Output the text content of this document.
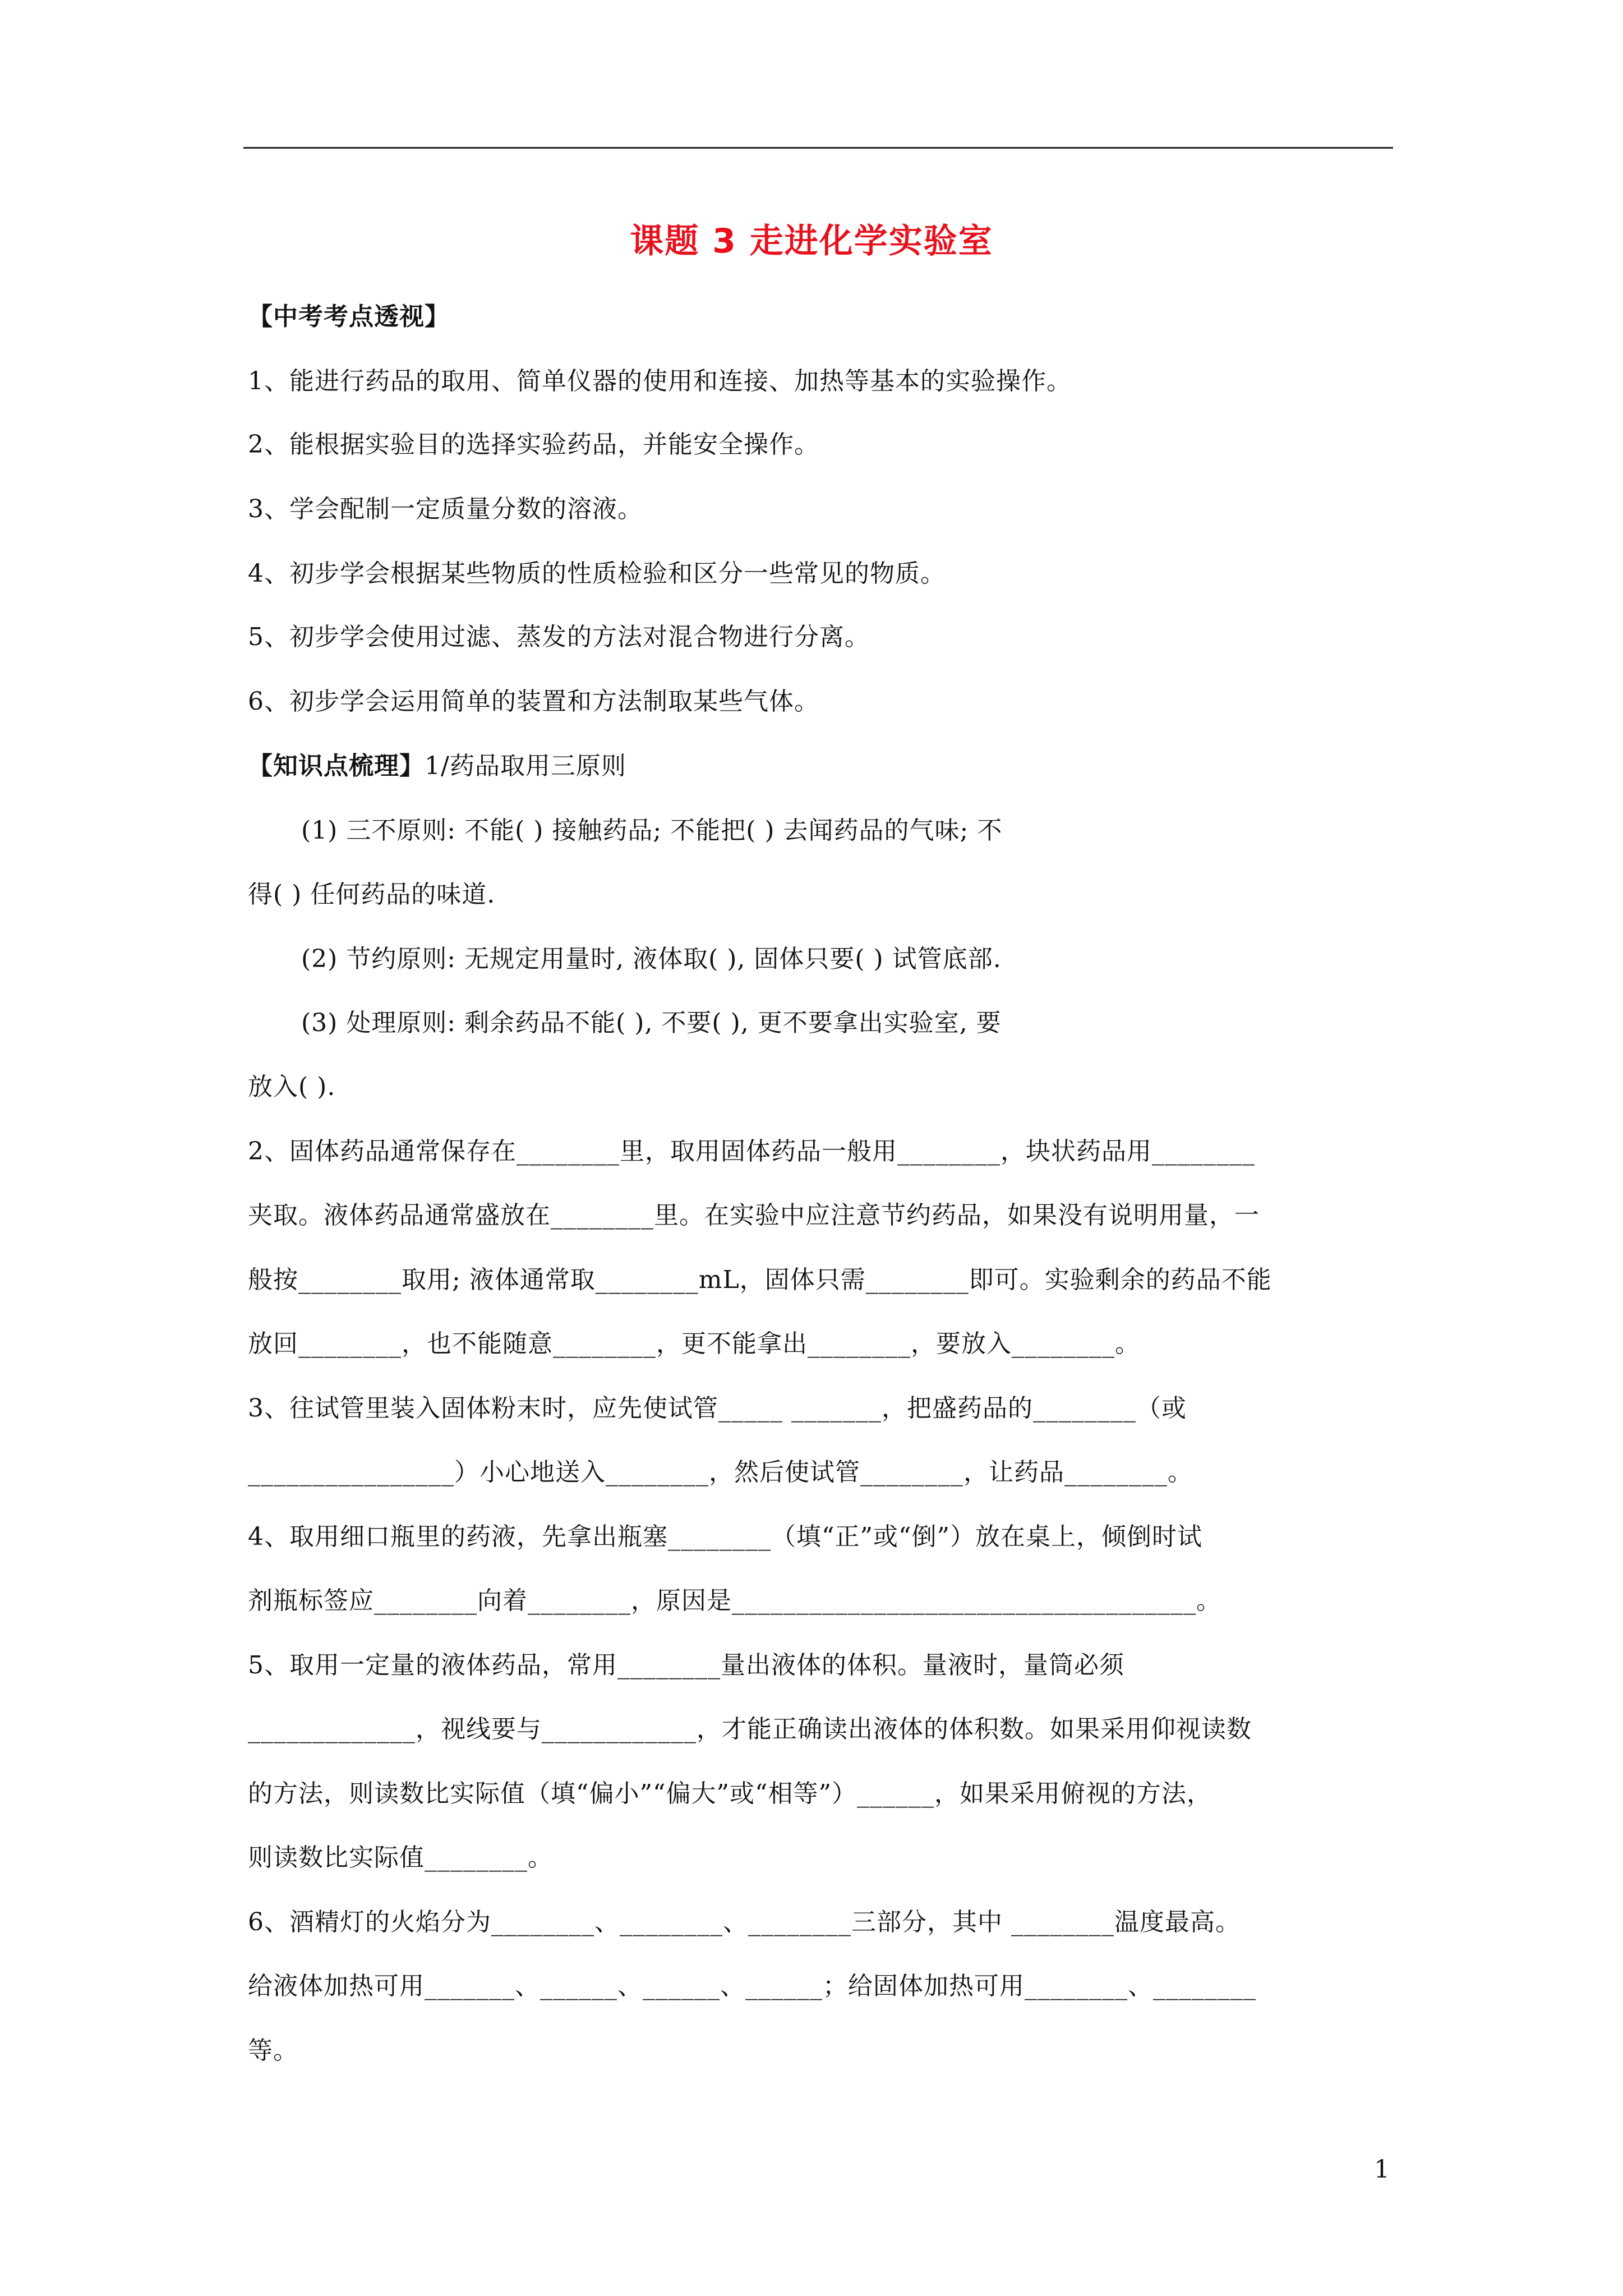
课题 3 走进化学实验室
【中考考点透视】
1、能进行药品的取用、简单仪器的使用和连接、加热等基本的实验操作。
2、能根据实验目的选择实验药品，并能安全操作。
3、学会配制一定质量分数的溶液。
4、初步学会根据某些物质的性质检验和区分一些常见的物质。
5、初步学会使用过滤、蒸发的方法对混合物进行分离。
6、初步学会运用简单的装置和方法制取某些气体。
【知识点梳理】1/药品取用三原则
(1) 三不原则: 不能( ) 接触药品; 不能把( ) 去闻药品的气味; 不
得( ) 任何药品的味道.
(2) 节约原则: 无规定用量时, 液体取( ), 固体只要( ) 试管底部.
(3) 处理原则: 剩余药品不能( ), 不要( ), 更不要拿出实验室, 要
放入( ).
2、固体药品通常保存在________里，取用固体药品一般用________，块状药品用________
夹取。液体药品通常盛放在________里。在实验中应注意节约药品，如果没有说明用量，一
般按________取用; 液体通常取________mL，固体只需________即可。实验剩余的药品不能
放回________，也不能随意________，更不能拿出________，要放入________。
3、往试管里装入固体粉末时，应先使试管_____ _______，把盛药品的________（或
________________）小心地送入________，然后使试管________，让药品________。
4、取用细口瓶里的药液，先拿出瓶塞________（填“正”或“倒”）放在桌上，倾倒时试
剂瓶标签应________向着________，原因是____________________________________。
5、取用一定量的液体药品，常用________量出液体的体积。量液时，量筒必须
_____________，视线要与____________，才能正确读出液体的体积数。如果采用仰视读数
的方法，则读数比实际值（填“偏小”“偏大”或“相等”）______，如果采用俯视的方法，
则读数比实际值________。
6、酒精灯的火焰分为________、________、________三部分，其中 ________温度最高。
给液体加热可用_______、______、______、______；给固体加热可用________、________
等。
1
